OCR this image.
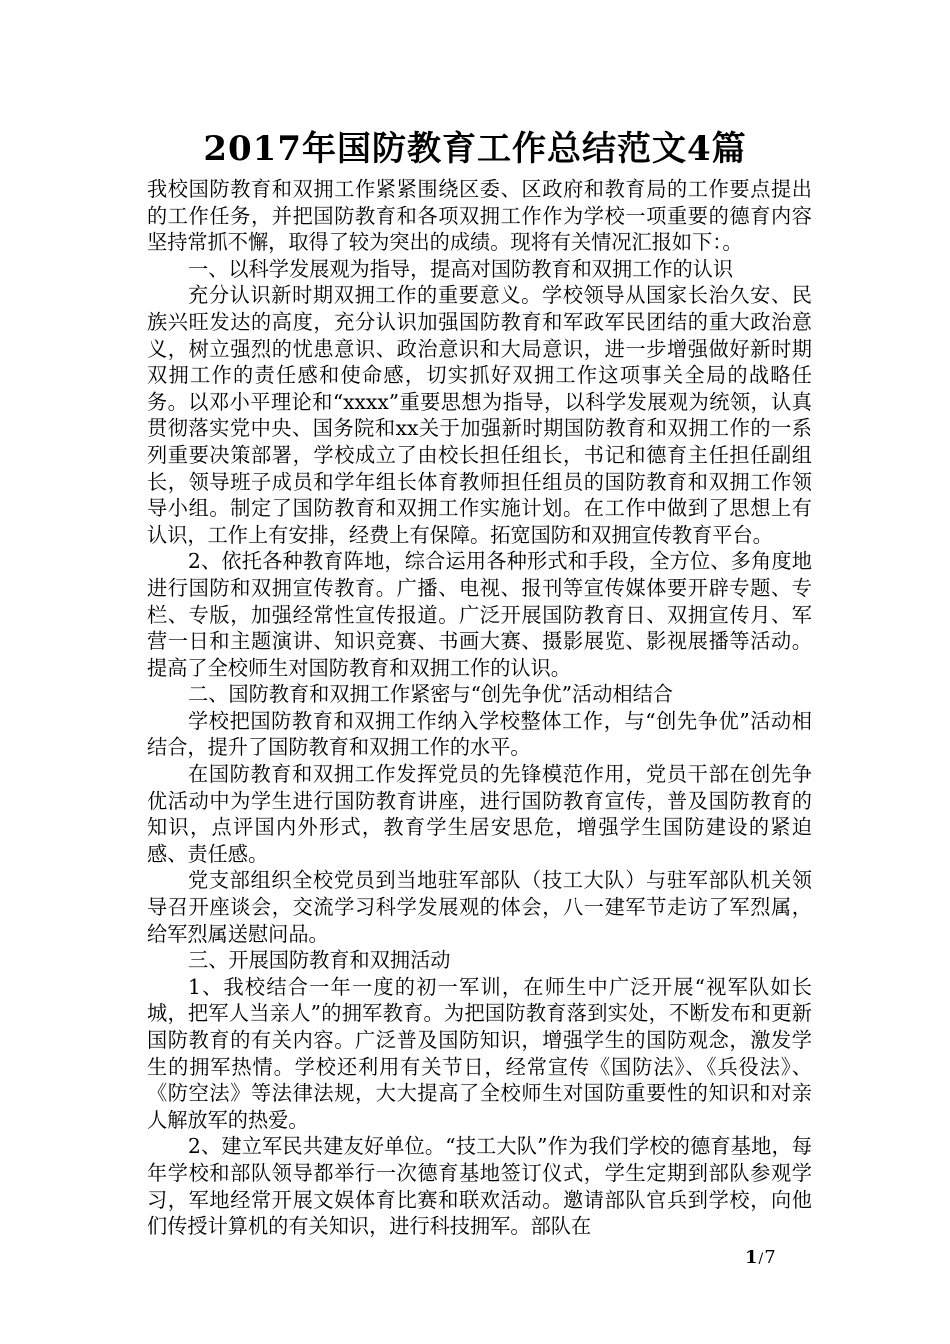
2017年国防教育工作总结范文4篇

我校国防教育和双拥工作紧紧围绕区委、区政府和教育局的工作要点提出的工作任务，并把国防教育和各项双拥工作作为学校一项重要的德育内容坚持常抓不懈，取得了较为突出的成绩。现将有关情况汇报如下：。

一、以科学发展观为指导，提高对国防教育和双拥工作的认识

充分认识新时期双拥工作的重要意义。学校领导从国家长治久安、民族兴旺发达的高度，充分认识加强国防教育和军政军民团结的重大政治意义，树立强烈的忧患意识、政治意识和大局意识，进一步增强做好新时期双拥工作的责任感和使命感，切实抓好双拥工作这项事关全局的战略任务。以邓小平理论和“xxxx”重要思想为指导，以科学发展观为统领，认真贯彻落实党中央、国务院和xx关于加强新时期国防教育和双拥工作的一系列重要决策部署，学校成立了由校长担任组长，书记和德育主任担任副组长，领导班子成员和学年组长体育教师担任组员的国防教育和双拥工作领导小组。制定了国防教育和双拥工作实施计划。在工作中做到了思想上有认识，工作上有安排，经费上有保障。拓宽国防和双拥宣传教育平台。

2、依托各种教育阵地，综合运用各种形式和手段，全方位、多角度地进行国防和双拥宣传教育。广播、电视、报刊等宣传媒体要开辟专题、专栏、专版，加强经常性宣传报道。广泛开展国防教育日、双拥宣传月、军营一日和主题演讲、知识竞赛、书画大赛、摄影展览、影视展播等活动。提高了全校师生对国防教育和双拥工作的认识。

二、国防教育和双拥工作紧密与“创先争优”活动相结合

学校把国防教育和双拥工作纳入学校整体工作，与“创先争优”活动相结合，提升了国防教育和双拥工作的水平。

在国防教育和双拥工作发挥党员的先锋模范作用，党员干部在创先争优活动中为学生进行国防教育讲座，进行国防教育宣传，普及国防教育的知识，点评国内外形式，教育学生居安思危，增强学生国防建设的紧迫感、责任感。

党支部组织全校党员到当地驻军部队（技工大队）与驻军部队机关领导召开座谈会，交流学习科学发展观的体会，八一建军节走访了军烈属，给军烈属送慰问品。

三、开展国防教育和双拥活动

1、我校结合一年一度的初一军训，在师生中广泛开展“视军队如长城，把军人当亲人”的拥军教育。为把国防教育落到实处，不断发布和更新国防教育的有关内容。广泛普及国防知识，增强学生的国防观念，激发学生的拥军热情。学校还利用有关节日，经常宣传《国防法》、《兵役法》、《防空法》等法律法规，大大提高了全校师生对国防重要性的知识和对亲人解放军的热爱。

2、建立军民共建友好单位。“技工大队”作为我们学校的德育基地，每年学校和部队领导都举行一次德育基地签订仪式，学生定期到部队参观学习，军地经常开展文娱体育比赛和联欢活动。邀请部队官兵到学校，向他们传授计算机的有关知识，进行科技拥军。部队在

1/7
